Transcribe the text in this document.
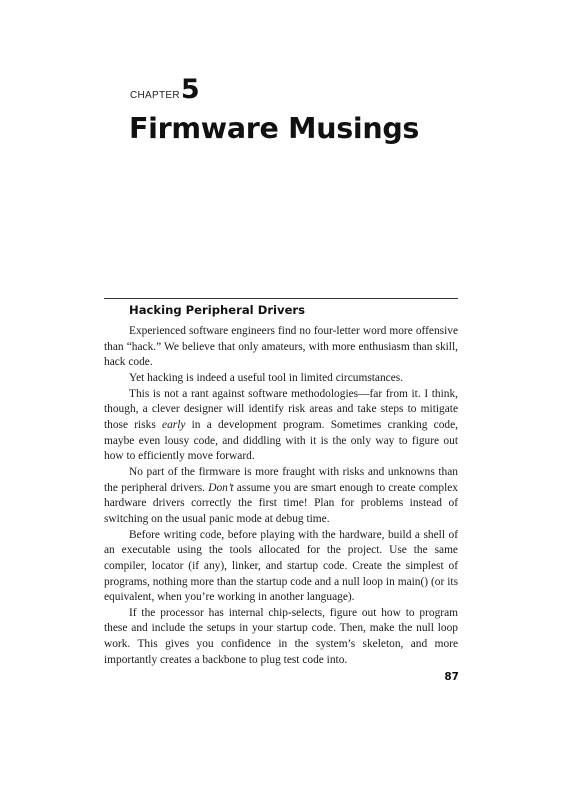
CHAPTER 5
Firmware Musings
Hacking Peripheral Drivers

Experienced software engineers find no four-letter word more offensive than “hack.” We believe that only amateurs, with more enthusiasm than skill, hack code.

Yet hacking is indeed a useful tool in limited circumstances.

This is not a rant against software methodologies—far from it. I think, though, a clever designer will identify risk areas and take steps to mitigate those risks early in a development program. Sometimes cranking code, maybe even lousy code, and diddling with it is the only way to figure out how to efficiently move forward.

No part of the firmware is more fraught with risks and unknowns than the peripheral drivers. Don’t assume you are smart enough to create complex hardware drivers correctly the first time! Plan for problems instead of switching on the usual panic mode at debug time.

Before writing code, before playing with the hardware, build a shell of an executable using the tools allocated for the project. Use the same compiler, locator (if any), linker, and startup code. Create the simplest of programs, nothing more than the startup code and a null loop in main() (or its equivalent, when you’re working in another language).

If the processor has internal chip-selects, figure out how to program these and include the setups in your startup code. Then, make the null loop work. This gives you confidence in the system’s skeleton, and more importantly creates a backbone to plug test code into.

87
